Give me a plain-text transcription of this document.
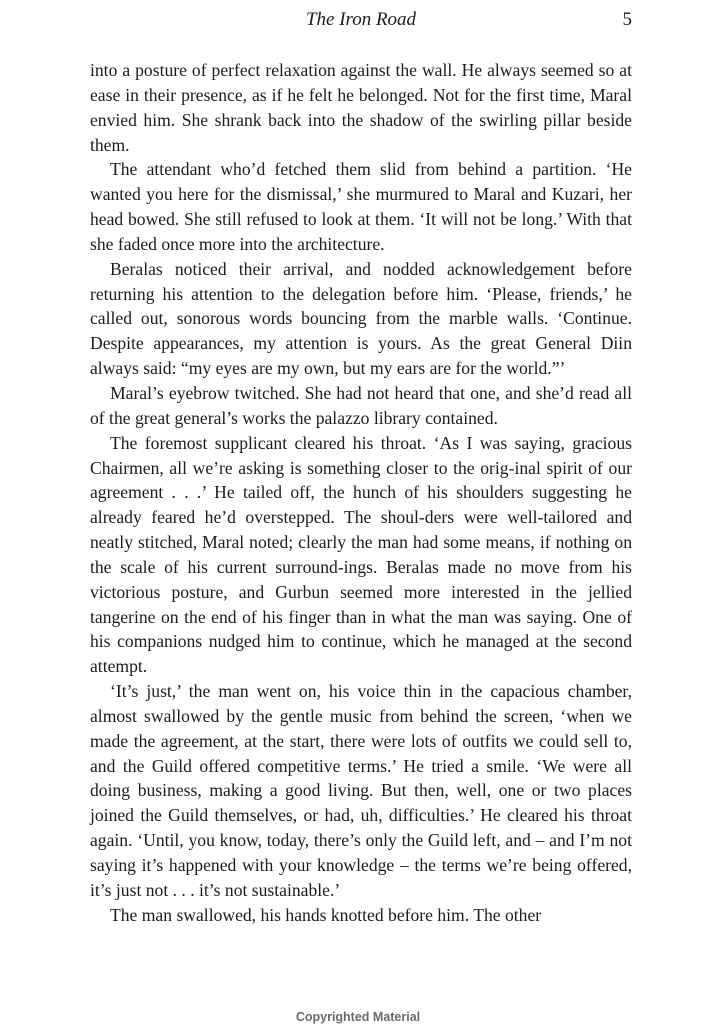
The Iron Road	5

into a posture of perfect relaxation against the wall. He always seemed so at ease in their presence, as if he felt he belonged. Not for the first time, Maral envied him. She shrank back into the shadow of the swirling pillar beside them.

The attendant who’d fetched them slid from behind a partition. ‘He wanted you here for the dismissal,’ she murmured to Maral and Kuzari, her head bowed. She still refused to look at them. ‘It will not be long.’ With that she faded once more into the architecture.

Beralas noticed their arrival, and nodded acknowledgement before returning his attention to the delegation before him. ‘Please, friends,’ he called out, sonorous words bouncing from the marble walls. ‘Continue. Despite appearances, my attention is yours. As the great General Diin always said: “my eyes are my own, but my ears are for the world.”’

Maral’s eyebrow twitched. She had not heard that one, and she’d read all of the great general’s works the palazzo library contained.

The foremost supplicant cleared his throat. ‘As I was saying, gracious Chairmen, all we’re asking is something closer to the orig-inal spirit of our agreement . . .’ He tailed off, the hunch of his shoulders suggesting he already feared he’d overstepped. The shoul-ders were well-tailored and neatly stitched, Maral noted; clearly the man had some means, if nothing on the scale of his current surround-ings. Beralas made no move from his victorious posture, and Gurbun seemed more interested in the jellied tangerine on the end of his finger than in what the man was saying. One of his companions nudged him to continue, which he managed at the second attempt.

‘It’s just,’ the man went on, his voice thin in the capacious chamber, almost swallowed by the gentle music from behind the screen, ‘when we made the agreement, at the start, there were lots of outfits we could sell to, and the Guild offered competitive terms.’ He tried a smile. ‘We were all doing business, making a good living. But then, well, one or two places joined the Guild themselves, or had, uh, difficulties.’ He cleared his throat again. ‘Until, you know, today, there’s only the Guild left, and – and I’m not saying it’s happened with your knowledge – the terms we’re being offered, it’s just not . . . it’s not sustainable.’

The man swallowed, his hands knotted before him. The other

Copyrighted Material
